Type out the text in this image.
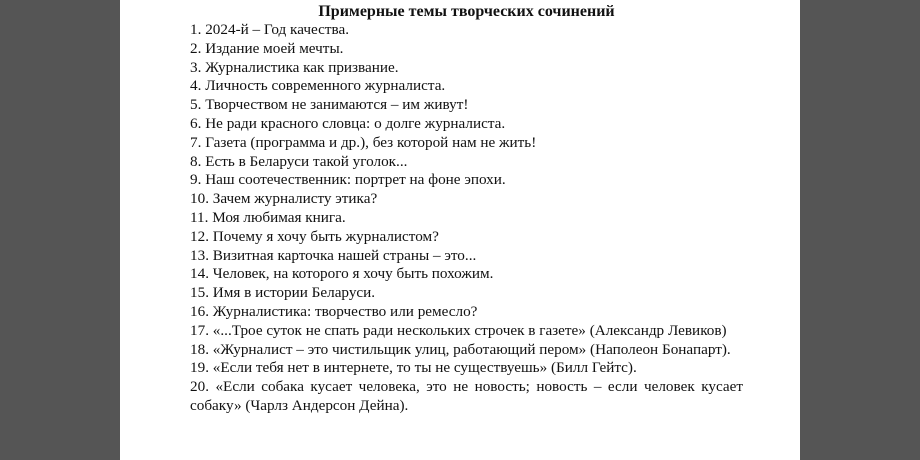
Примерные темы творческих сочинений
1. 2024-й – Год качества.
2. Издание моей мечты.
3. Журналистика как призвание.
4. Личность современного журналиста.
5. Творчеством не занимаются – им живут!
6. Не ради красного словца: о долге журналиста.
7. Газета (программа и др.), без которой нам не жить!
8. Есть в Беларуси такой уголок...
9. Наш соотечественник: портрет на фоне эпохи.
10. Зачем журналисту этика?
11. Моя любимая книга.
12. Почему я хочу быть журналистом?
13. Визитная карточка нашей страны – это...
14. Человек, на которого я хочу быть похожим.
15. Имя в истории Беларуси.
16. Журналистика: творчество или ремесло?
17. «...Трое суток не спать ради нескольких строчек в газете» (Александр Левиков)
18. «Журналист – это чистильщик улиц, работающий пером» (Наполеон Бонапарт).
19. «Если тебя нет в интернете, то ты не существуешь» (Билл Гейтс).
20. «Если собака кусает человека, это не новость; новость – если человек кусает собаку» (Чарлз Андерсон Дейна).
